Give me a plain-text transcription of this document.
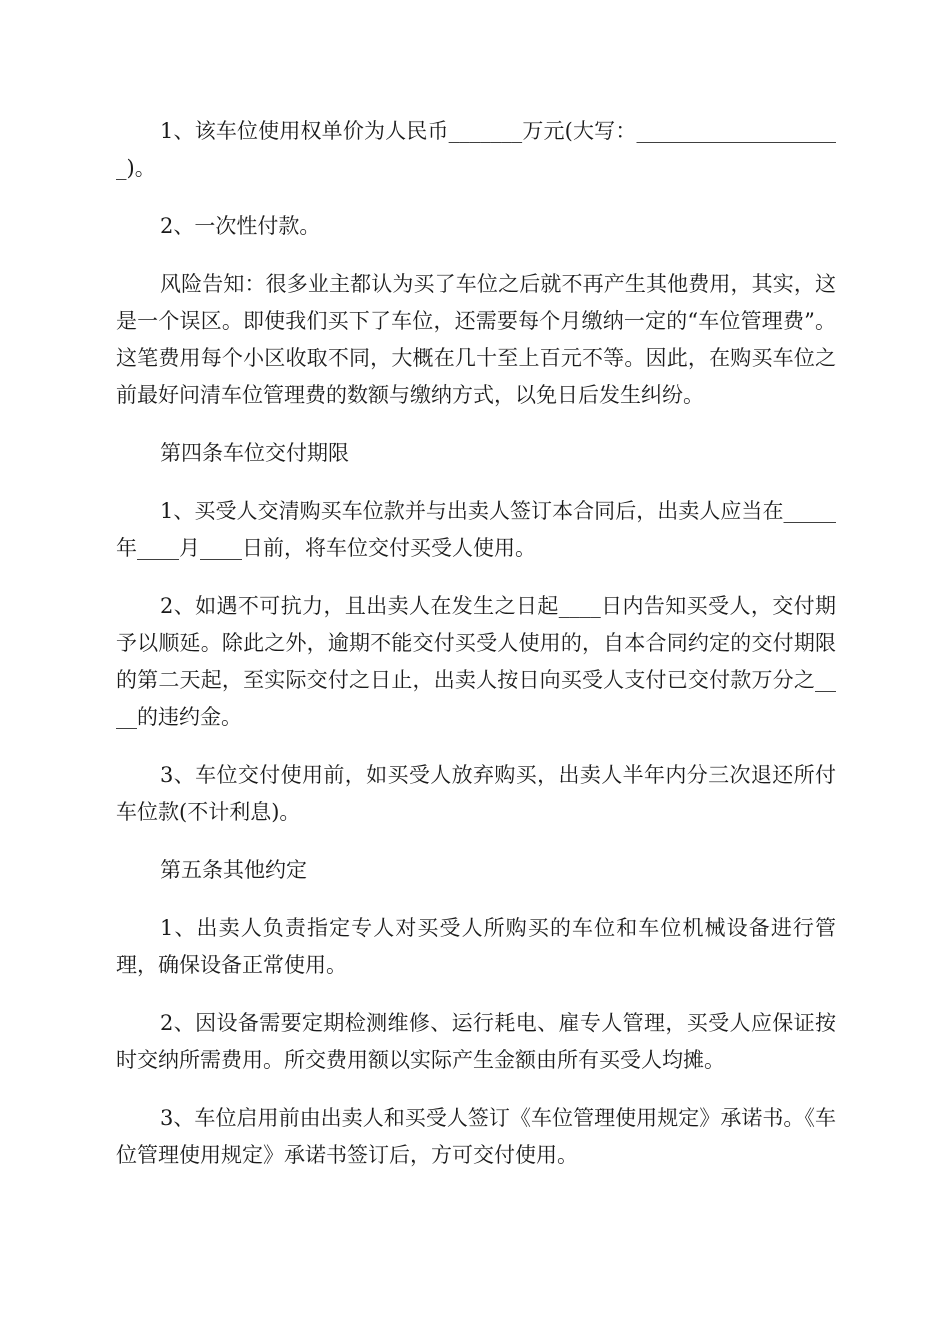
1、该车位使用权单价为人民币_______万元(大写：____________________)。

2、一次性付款。

风险告知：很多业主都认为买了车位之后就不再产生其他费用，其实，这是一个误区。即使我们买下了车位，还需要每个月缴纳一定的“车位管理费”。这笔费用每个小区收取不同，大概在几十至上百元不等。因此，在购买车位之前最好问清车位管理费的数额与缴纳方式，以免日后发生纠纷。

第四条车位交付期限

1、买受人交清购买车位款并与出卖人签订本合同后，出卖人应当在_____年____月____日前，将车位交付买受人使用。

2、如遇不可抗力，且出卖人在发生之日起____日内告知买受人，交付期予以顺延。除此之外，逾期不能交付买受人使用的，自本合同约定的交付期限的第二天起，至实际交付之日止，出卖人按日向买受人支付已交付款万分之____的违约金。

3、车位交付使用前，如买受人放弃购买，出卖人半年内分三次退还所付车位款(不计利息)。

第五条其他约定

1、出卖人负责指定专人对买受人所购买的车位和车位机械设备进行管理，确保设备正常使用。

2、因设备需要定期检测维修、运行耗电、雇专人管理，买受人应保证按时交纳所需费用。所交费用额以实际产生金额由所有买受人均摊。

3、车位启用前由出卖人和买受人签订《车位管理使用规定》承诺书。《车位管理使用规定》承诺书签订后，方可交付使用。
